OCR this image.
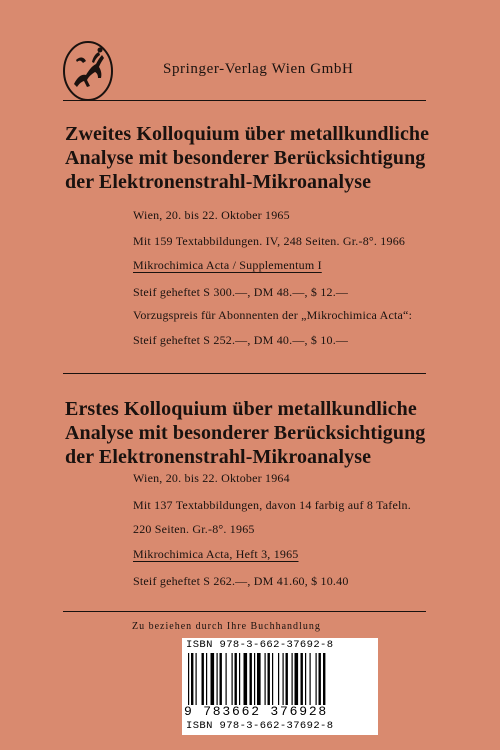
Springer-Verlag Wien GmbH
Zweites Kolloquium über metallkundliche
Analyse mit besonderer Berücksichtigung
der Elektronenstrahl-Mikroanalyse
Wien, 20. bis 22. Oktober 1965
Mit 159 Textabbildungen. IV, 248 Seiten. Gr.-8°. 1966
Mikrochimica Acta / Supplementum I
Steif geheftet S 300.—, DM 48.—, $ 12.—
Vorzugspreis für Abonnenten der „Mikrochimica Acta“:
Steif geheftet S 252.—, DM 40.—, $ 10.—
Erstes Kolloquium über metallkundliche
Analyse mit besonderer Berücksichtigung
der Elektronenstrahl-Mikroanalyse
Wien, 20. bis 22. Oktober 1964
Mit 137 Textabbildungen, davon 14 farbig auf 8 Tafeln.
220 Seiten. Gr.-8°. 1965
Mikrochimica Acta, Heft 3, 1965
Steif geheftet S 262.—, DM 41.60, $ 10.40
Zu beziehen durch Ihre Buchhandlung
ISBN 978-3-662-37692-8
9 783662 376928
ISBN 978-3-662-37692-8
